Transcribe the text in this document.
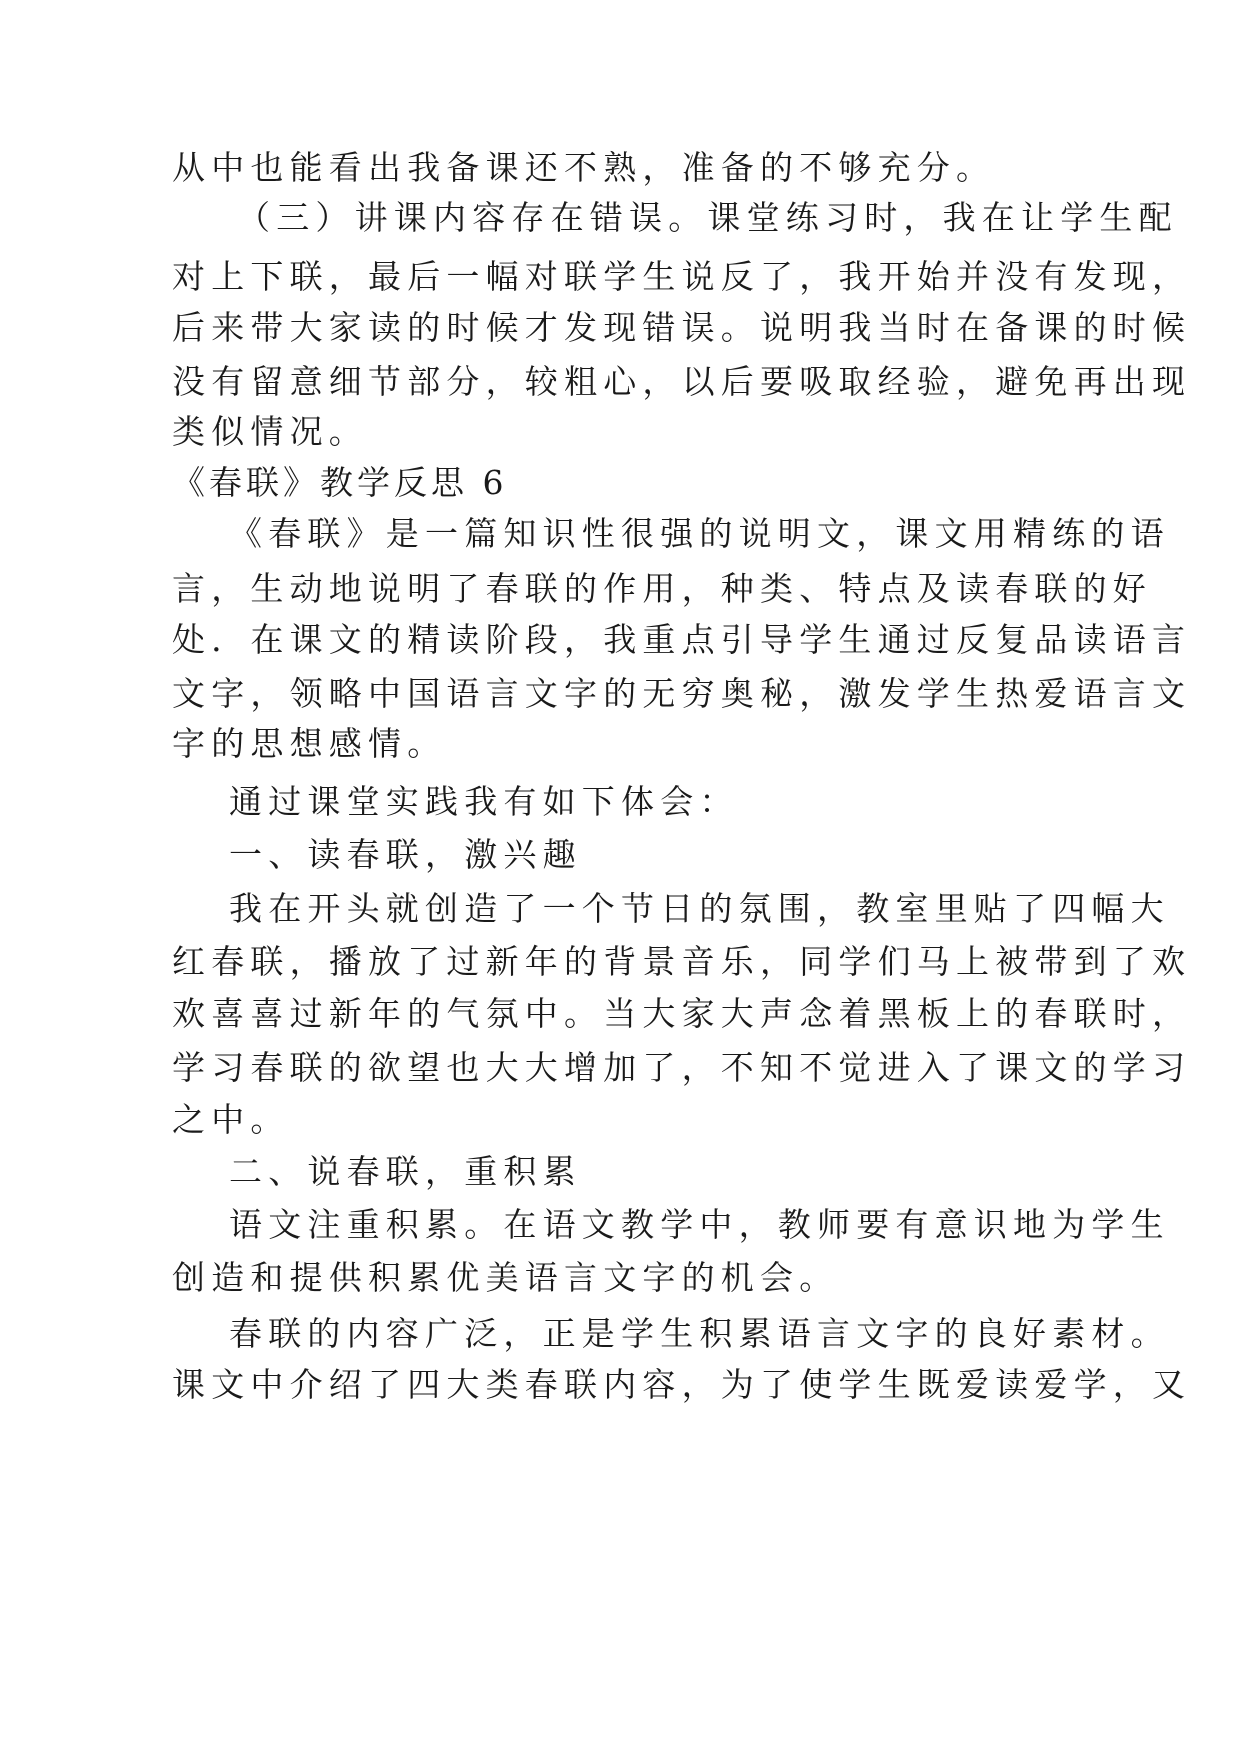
从中也能看出我备课还不熟，准备的不够充分。

（三）讲课内容存在错误。课堂练习时，我在让学生配

对上下联，最后一幅对联学生说反了，我开始并没有发现，

后来带大家读的时候才发现错误。说明我当时在备课的时候

没有留意细节部分，较粗心，以后要吸取经验，避免再出现

类似情况。

《春联》教学反思 6

《春联》是一篇知识性很强的说明文，课文用精练的语

言，生动地说明了春联的作用，种类、特点及读春联的好

处．在课文的精读阶段，我重点引导学生通过反复品读语言

文字，领略中国语言文字的无穷奥秘，激发学生热爱语言文

字的思想感情。

通过课堂实践我有如下体会：

一、读春联，激兴趣

我在开头就创造了一个节日的氛围，教室里贴了四幅大

红春联，播放了过新年的背景音乐，同学们马上被带到了欢

欢喜喜过新年的气氛中。当大家大声念着黑板上的春联时，

学习春联的欲望也大大增加了，不知不觉进入了课文的学习

之中。

二、说春联，重积累

语文注重积累。在语文教学中，教师要有意识地为学生

创造和提供积累优美语言文字的机会。

春联的内容广泛，正是学生积累语言文字的良好素材。

课文中介绍了四大类春联内容，为了使学生既爱读爱学，又
